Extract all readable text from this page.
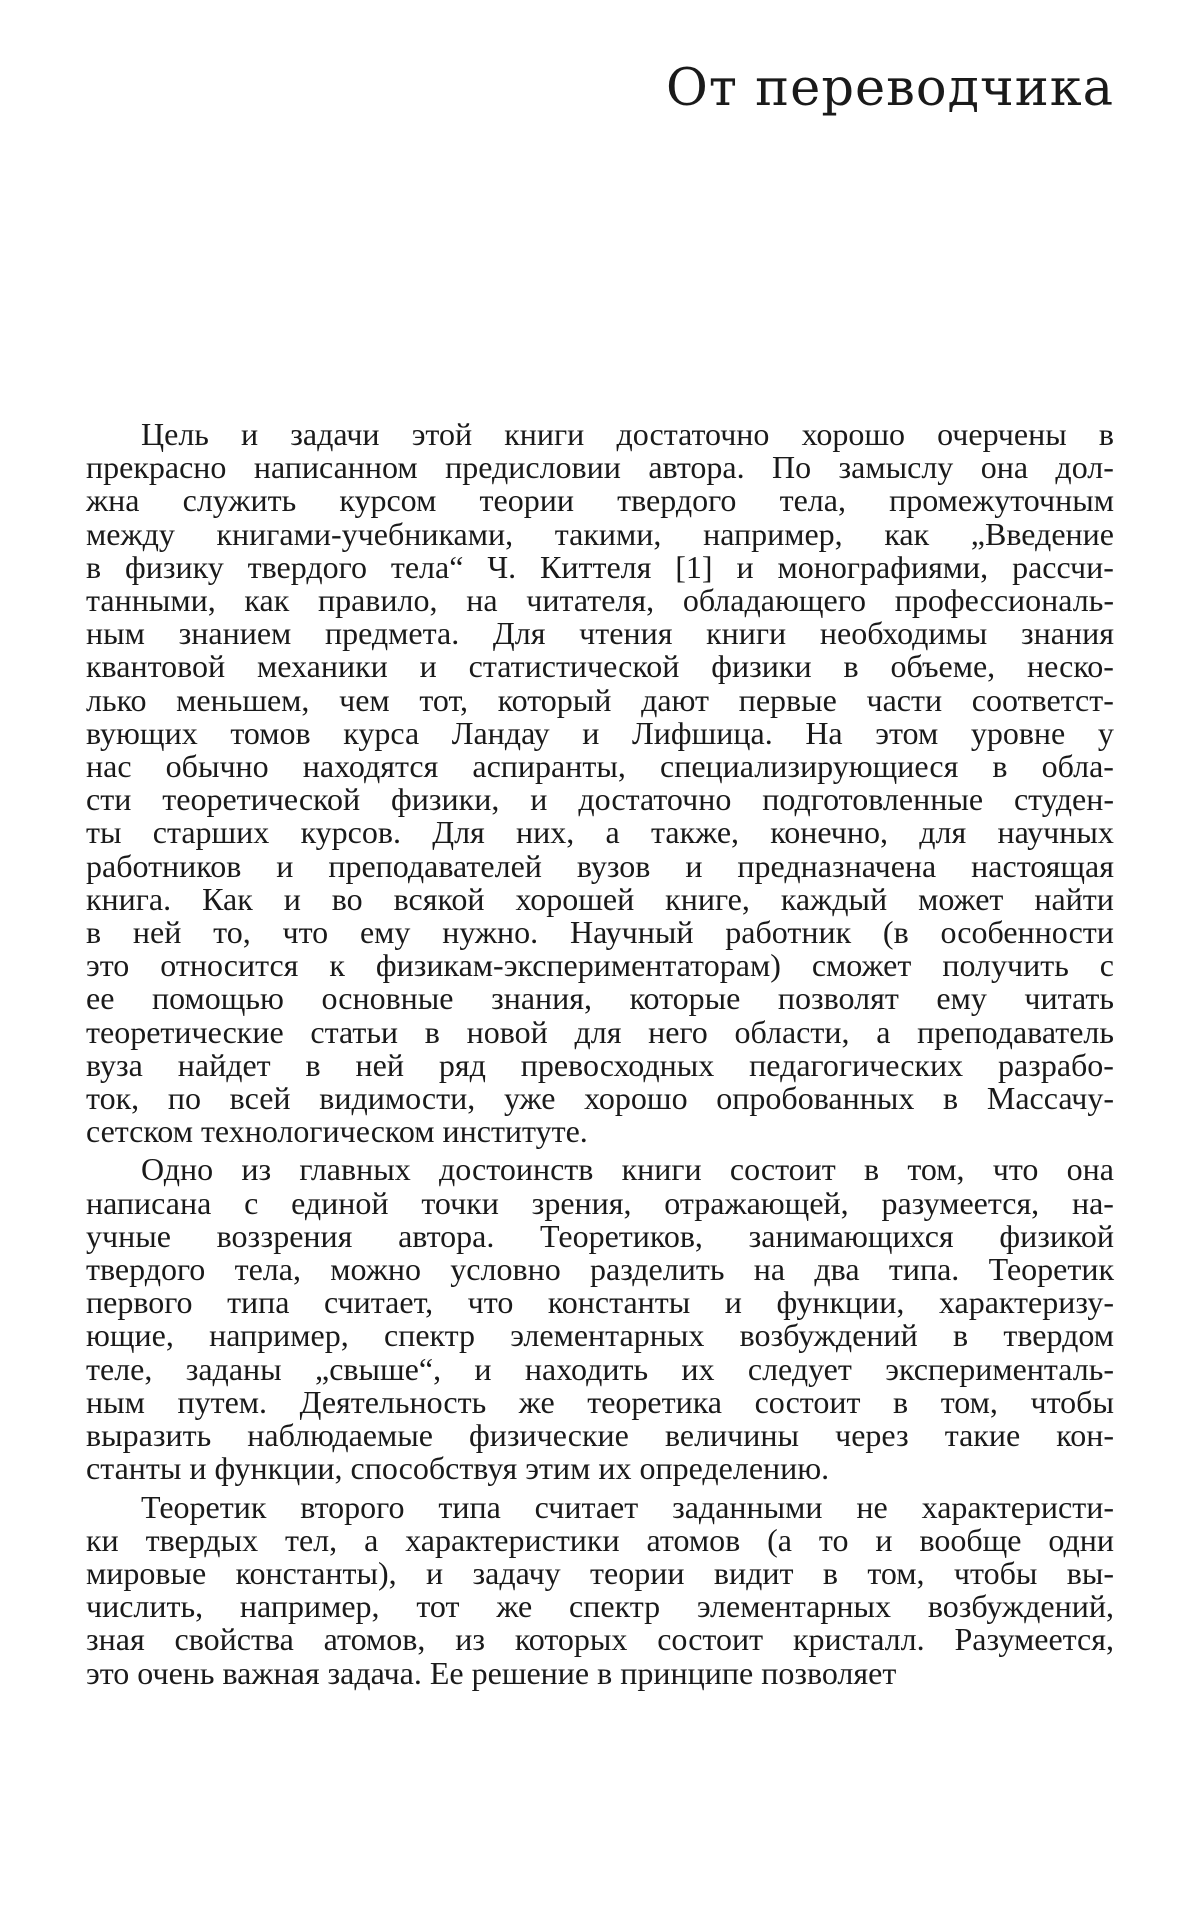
От переводчика

Цель и задачи этой книги достаточно хорошо очерчены в
прекрасно написанном предисловии автора. По замыслу она дол-
жна служить курсом теории твердого тела, промежуточным
между книгами-учебниками, такими, например, как „Введение
в физику твердого тела“ Ч. Киттеля [1] и монографиями, рассчи-
танными, как правило, на читателя, обладающего профессиональ-
ным знанием предмета. Для чтения книги необходимы знания
квантовой механики и статистической физики в объеме, неско-
лько меньшем, чем тот, который дают первые части соответст-
вующих томов курса Ландау и Лифшица. На этом уровне у
нас обычно находятся аспиранты, специализирующиеся в обла-
сти теоретической физики, и достаточно подготовленные студен-
ты старших курсов. Для них, а также, конечно, для научных
работников и преподавателей вузов и предназначена настоящая
книга. Как и во всякой хорошей книге, каждый может найти
в ней то, что ему нужно. Научный работник (в особенности
это относится к физикам-экспериментаторам) сможет получить с
ее помощью основные знания, которые позволят ему читать
теоретические статьи в новой для него области, а преподаватель
вуза найдет в ней ряд превосходных педагогических разрабо-
ток, по всей видимости, уже хорошо опробованных в Массачу-
сетском технологическом институте.

Одно из главных достоинств книги состоит в том, что она
написана с единой точки зрения, отражающей, разумеется, на-
учные воззрения автора. Теоретиков, занимающихся физикой
твердого тела, можно условно разделить на два типа. Теоретик
первого типа считает, что константы и функции, характеризу-
ющие, например, спектр элементарных возбуждений в твердом
теле, заданы „свыше“, и находить их следует эксперименталь-
ным путем. Деятельность же теоретика состоит в том, чтобы
выразить наблюдаемые физические величины через такие кон-
станты и функции, способствуя этим их определению.

Теоретик второго типа считает заданными не характеристи-
ки твердых тел, а характеристики атомов (а то и вообще одни
мировые константы), и задачу теории видит в том, чтобы вы-
числить, например, тот же спектр элементарных возбуждений,
зная свойства атомов, из которых состоит кристалл. Разумеется,
это очень важная задача. Ее решение в принципе позволяет
